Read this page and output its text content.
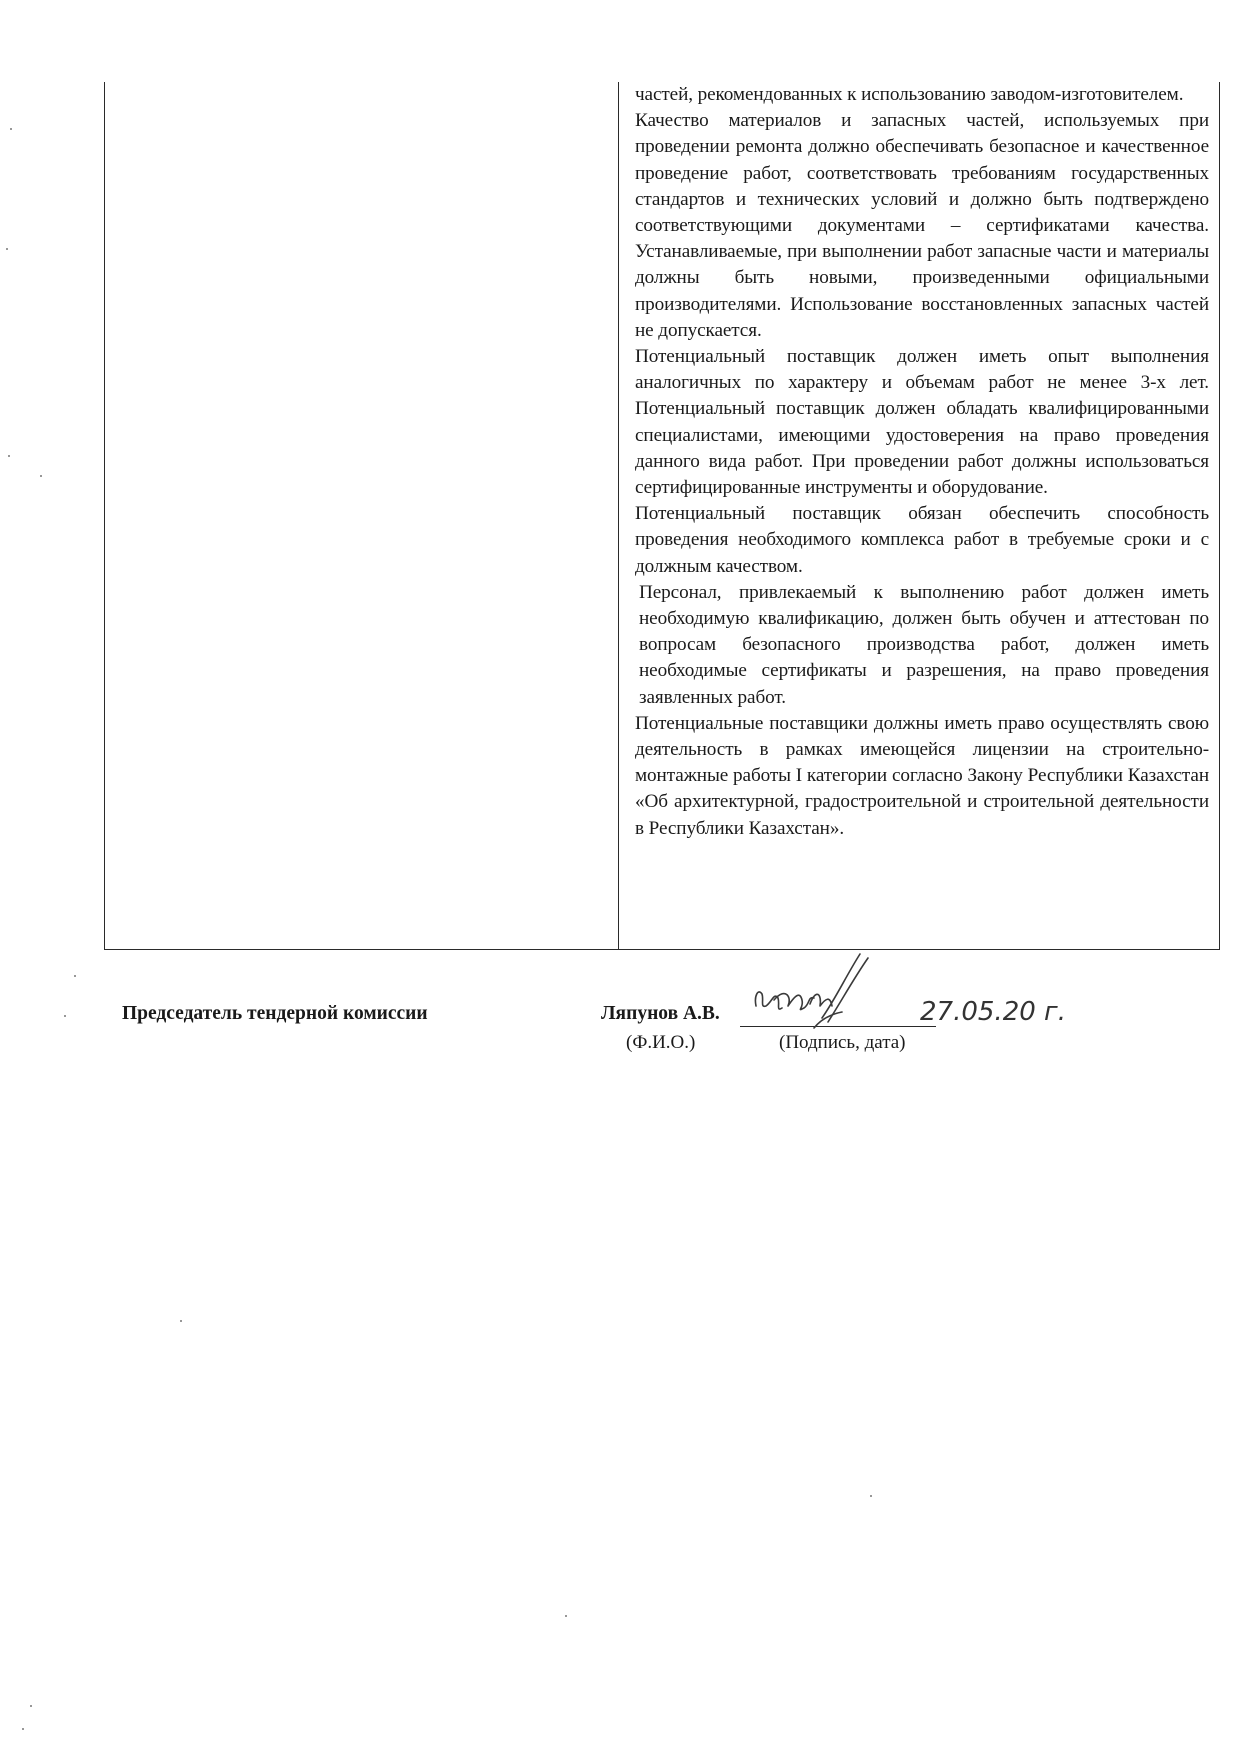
частей, рекомендованных к использованию заводом-изготовителем.

Качество материалов и запасных частей, используемых при проведении ремонта должно обеспечивать безопасное и качественное проведение работ, соответствовать требованиям государственных стандартов и технических условий и должно быть подтверждено соответствующими документами – сертификатами качества. Устанавливаемые, при выполнении работ запасные части и материалы должны быть новыми, произведенными официальными производителями. Использование восстановленных запасных частей не допускается.

Потенциальный поставщик должен иметь опыт выполнения аналогичных по характеру и объемам работ не менее 3-х лет. Потенциальный поставщик должен обладать квалифицированными специалистами, имеющими удостоверения на право проведения данного вида работ. При проведении работ должны использоваться сертифицированные инструменты и оборудование.

Потенциальный поставщик обязан обеспечить способность проведения необходимого комплекса работ в требуемые сроки и с должным качеством.

Персонал, привлекаемый к выполнению работ должен иметь необходимую квалификацию, должен быть обучен и аттестован по вопросам безопасного производства работ, должен иметь необходимые сертификаты и разрешения, на право проведения заявленных работ.

Потенциальные поставщики должны иметь право осуществлять свою деятельность в рамках имеющейся лицензии на строительно-монтажные работы I категории согласно Закону Республики Казахстан «Об архитектурной, градостроительной и строительной деятельности в Республики Казахстан».

Председатель тендерной комиссии	Ляпунов А.В.

(Ф.И.О.)	(Подпись, дата)

27.05.20 г.
